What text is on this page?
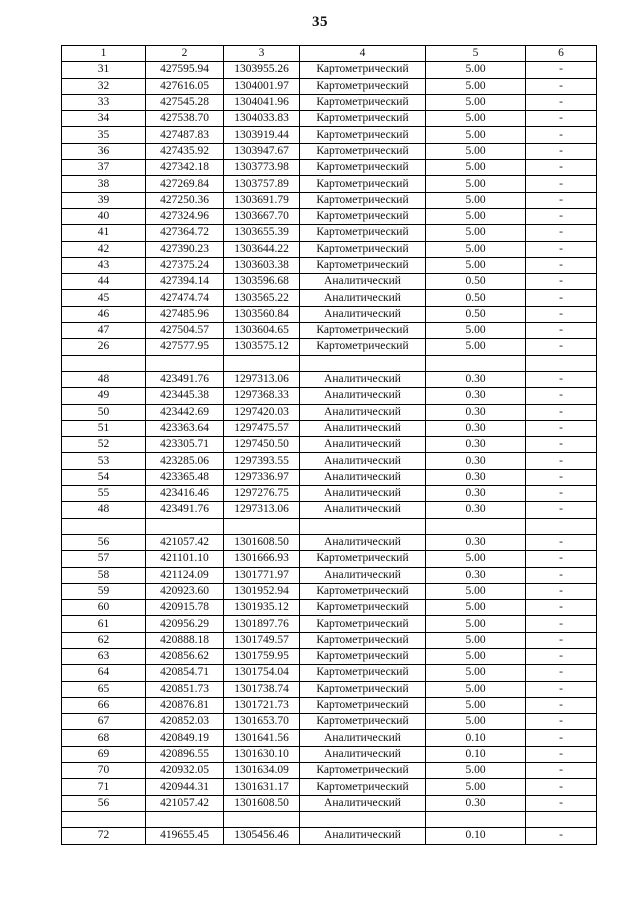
35
1	2	3	4	5	6
31	427595.94	1303955.26	Картометрический	5.00	-
32	427616.05	1304001.97	Картометрический	5.00	-
33	427545.28	1304041.96	Картометрический	5.00	-
34	427538.70	1304033.83	Картометрический	5.00	-
35	427487.83	1303919.44	Картометрический	5.00	-
36	427435.92	1303947.67	Картометрический	5.00	-
37	427342.18	1303773.98	Картометрический	5.00	-
38	427269.84	1303757.89	Картометрический	5.00	-
39	427250.36	1303691.79	Картометрический	5.00	-
40	427324.96	1303667.70	Картометрический	5.00	-
41	427364.72	1303655.39	Картометрический	5.00	-
42	427390.23	1303644.22	Картометрический	5.00	-
43	427375.24	1303603.38	Картометрический	5.00	-
44	427394.14	1303596.68	Аналитический	0.50	-
45	427474.74	1303565.22	Аналитический	0.50	-
46	427485.96	1303560.84	Аналитический	0.50	-
47	427504.57	1303604.65	Картометрический	5.00	-
26	427577.95	1303575.12	Картометрический	5.00	-

48	423491.76	1297313.06	Аналитический	0.30	-
49	423445.38	1297368.33	Аналитический	0.30	-
50	423442.69	1297420.03	Аналитический	0.30	-
51	423363.64	1297475.57	Аналитический	0.30	-
52	423305.71	1297450.50	Аналитический	0.30	-
53	423285.06	1297393.55	Аналитический	0.30	-
54	423365.48	1297336.97	Аналитический	0.30	-
55	423416.46	1297276.75	Аналитический	0.30	-
48	423491.76	1297313.06	Аналитический	0.30	-

56	421057.42	1301608.50	Аналитический	0.30	-
57	421101.10	1301666.93	Картометрический	5.00	-
58	421124.09	1301771.97	Аналитический	0.30	-
59	420923.60	1301952.94	Картометрический	5.00	-
60	420915.78	1301935.12	Картометрический	5.00	-
61	420956.29	1301897.76	Картометрический	5.00	-
62	420888.18	1301749.57	Картометрический	5.00	-
63	420856.62	1301759.95	Картометрический	5.00	-
64	420854.71	1301754.04	Картометрический	5.00	-
65	420851.73	1301738.74	Картометрический	5.00	-
66	420876.81	1301721.73	Картометрический	5.00	-
67	420852.03	1301653.70	Картометрический	5.00	-
68	420849.19	1301641.56	Аналитический	0.10	-
69	420896.55	1301630.10	Аналитический	0.10	-
70	420932.05	1301634.09	Картометрический	5.00	-
71	420944.31	1301631.17	Картометрический	5.00	-
56	421057.42	1301608.50	Аналитический	0.30	-

72	419655.45	1305456.46	Аналитический	0.10	-
